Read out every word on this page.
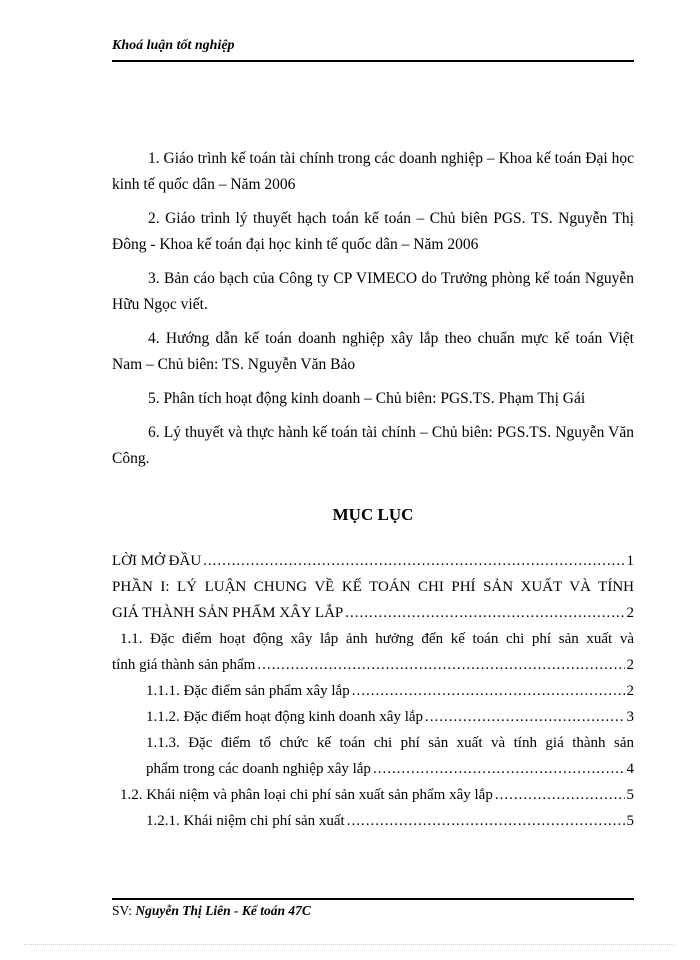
Khoá luận tốt nghiệp

1. Giáo trình kế toán tài chính trong các doanh nghiệp – Khoa kế toán Đại học kinh tế quốc dân – Năm 2006

2. Giáo trình lý thuyết hạch toán kế toán – Chủ biên PGS. TS. Nguyễn Thị Đông - Khoa kế toán đại học kinh tế quốc dân – Năm 2006

3. Bản cáo bạch của Công ty CP VIMECO do Trưởng phòng kế toán Nguyễn Hữu Ngọc viết.

4. Hướng dẫn kế toán doanh nghiệp xây lắp theo chuẩn mực kế toán Việt Nam – Chủ biên: TS. Nguyễn Văn Bảo

5. Phân tích hoạt động kinh doanh – Chủ biên: PGS.TS. Phạm Thị Gái

6. Lý thuyết và thực hành kế toán tài chính – Chủ biên: PGS.TS. Nguyễn Văn Công.

MỤC LỤC
LỜI MỞ ĐẦU .....	1
PHẦN I: LÝ LUẬN CHUNG VỀ KẾ TOÁN CHI PHÍ SẢN XUẤT VÀ TÍNH
GIÁ THÀNH SẢN PHẨM XÂY LẮP .....	2
1.1. Đặc điểm hoạt động xây lắp ảnh hưởng đến kế toán chi phí sản xuất và
tính giá thành sản phẩm .....	2
1.1.1. Đặc điểm sản phẩm xây lắp .....	2
1.1.2. Đặc điểm hoạt động kinh doanh xây lắp .....	3
1.1.3. Đặc điểm tổ chức kế toán chi phí sản xuất và tính giá thành sản
phẩm trong các doanh nghiệp xây lắp .....	4
1.2. Khái niệm và phân loại chi phí sản xuất sản phẩm xây lắp .....	5
1.2.1. Khái niệm chi phí sản xuất .....	5
SV: Nguyễn Thị Liên - Kế toán 47C
